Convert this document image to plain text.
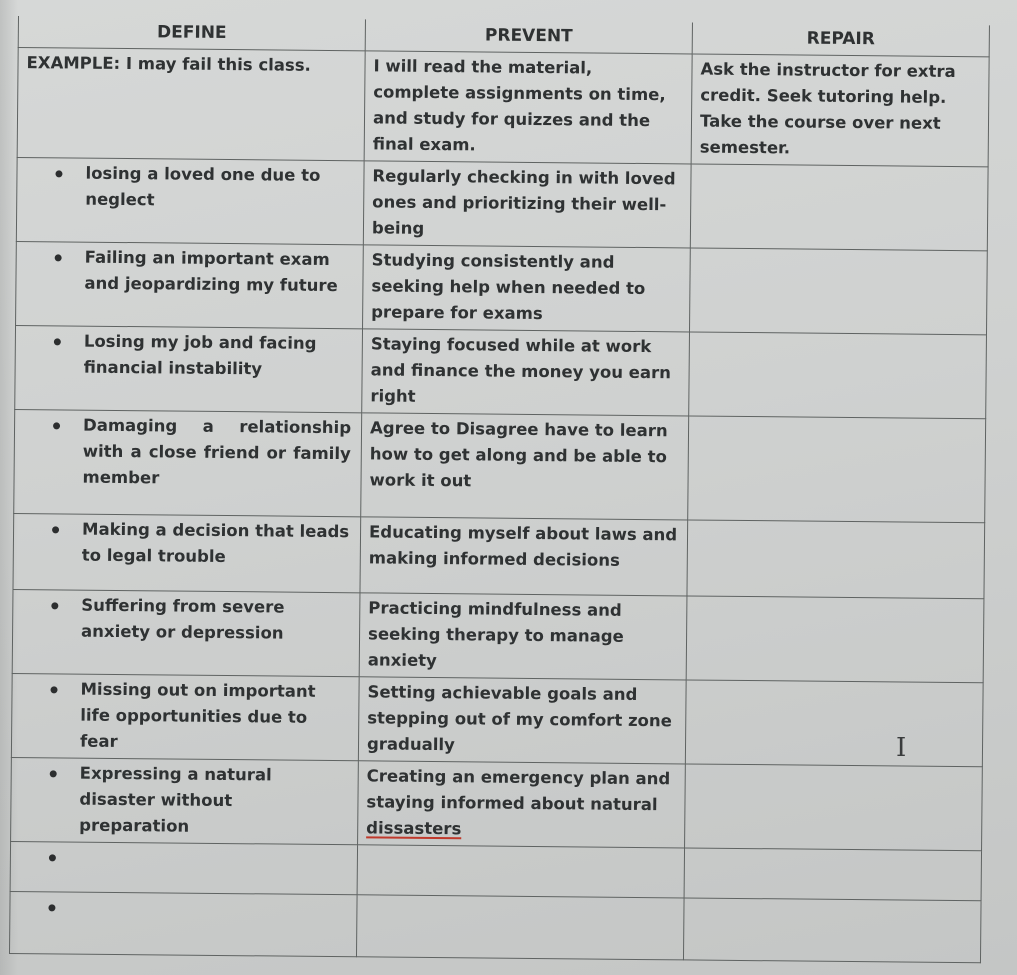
DEFINE	PREVENT	REPAIR
EXAMPLE: I may fail this class.	I will read the material, complete assignments on time, and study for quizzes and the final exam.	Ask the instructor for extra credit. Seek tutoring help. Take the course over next semester.

losing a loved one due to neglect	Regularly checking in with loved ones and prioritizing their well-being	

Failing an important exam and jeopardizing my future	Studying consistently and seeking help when needed to prepare for exams	

Losing my job and facing financial instability	Staying focused while at work and finance the money you earn right	

Damaging a relationship with a close friend or family member	Agree to Disagree have to learn how to get along and be able to work it out	

Making a decision that leads to legal trouble	Educating myself about laws and making informed decisions	

Suffering from severe anxiety or depression	Practicing mindfulness and seeking therapy to manage anxiety	

Missing out on important life opportunities due to fear	Setting achievable goals and stepping out of my comfort zone gradually	

Expressing a natural disaster without preparation	Creating an emergency plan and staying informed about natural dissasters	

I
